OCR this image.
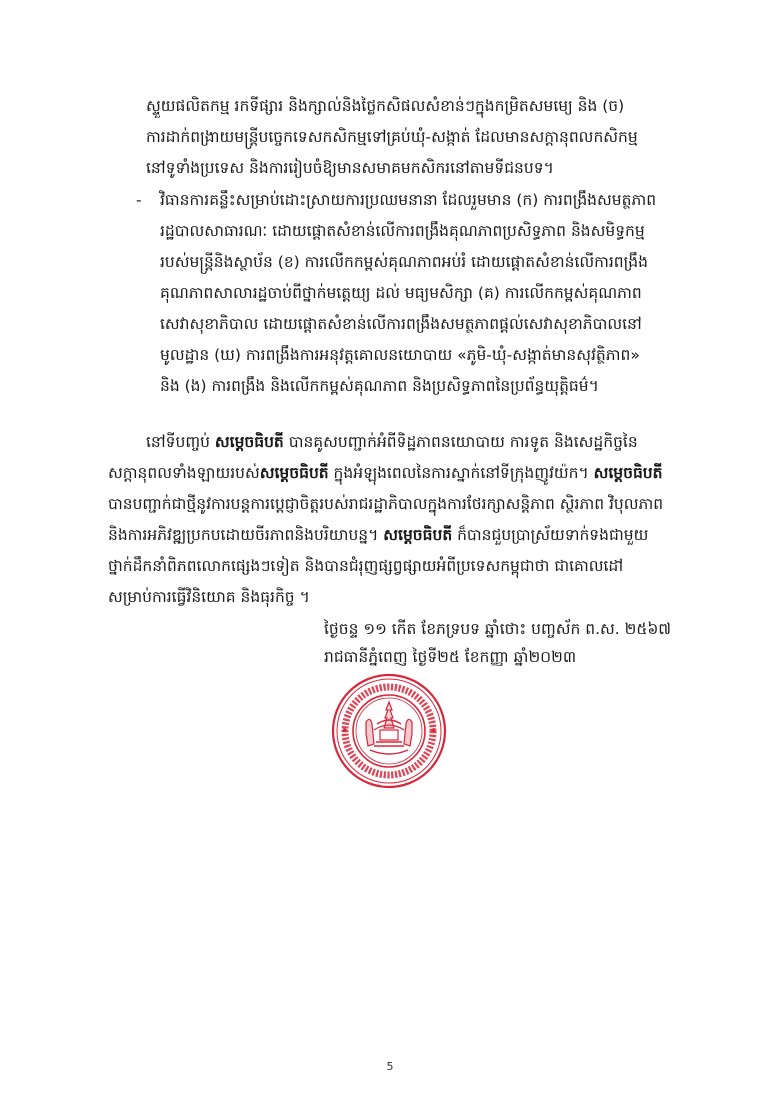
ស្ទួយផលិតកម្ម រកទីផ្សារ និងក្សាល់និងថ្លៃកសិផលសំខាន់ៗក្នុងកម្រិតសមម្យេ និង (ច)
ការដាក់ពង្រាយមន្ត្រីបច្ចេកទេសកសិកម្មទៅគ្រប់ឃុំ-សង្កាត់ ដែលមានសក្ដានុពលកសិកម្ម
នៅទូទាំងប្រទេស និងការរៀបចំឱ្យមានសមាគមកសិករនៅតាមទីជនបទ។
- វិធានការគន្លឹះសម្រាប់ដោះស្រាយការប្រឈមនានា ដែលរួមមាន (ក) ការពង្រឹងសមត្ថភាព
រដ្ឋបាលសាធារណៈ ដោយផ្តោតសំខាន់លើការពង្រឹងគុណភាពប្រសិទ្ធភាព និងសមិទ្ធកម្ម
របស់មន្ត្រីនិងស្ថាប័ន (ខ) ការលើកកម្ពស់គុណភាពអប់រំ ដោយផ្តោតសំខាន់លើការពង្រឹង
គុណភាពសាលារដ្ឋចាប់ពីថ្នាក់មត្តេយ្យ ដល់ មធ្យមសិក្សា (គ) ការលើកកម្ពស់គុណភាព
សេវាសុខាភិបាល ដោយផ្តោតសំខាន់លើការពង្រឹងសមត្ថភាពផ្តល់សេវាសុខាភិបាលនៅ
មូលដ្ឋាន (ឃ) ការពង្រឹងការអនុវត្តគោលនយោបាយ «ភូមិ-ឃុំ-សង្កាត់មានសុវត្ថិភាព»
និង (ង) ការពង្រឹង និងលើកកម្ពស់គុណភាព និងប្រសិទ្ធភាពនៃប្រព័ន្ធយុត្តិធម៌។
នៅទីបញ្ចប់ សម្តេចធិបតី បានគូសបញ្ជាក់អំពីទិដ្ឋភាពនយោបាយ ការទូត និងសេដ្ឋកិច្ចនៃ
សក្តានុពលទាំងឡាយរបស់សម្តេចធិបតី ក្នុងអំឡុងពេលនៃការស្នាក់នៅទីក្រុងញូវយ៉ក។ សម្តេចធិបតី
បានបញ្ជាក់ជាថ្មីនូវការបន្តការប្តេជ្ញាចិត្តរបស់រាជរដ្ឋាភិបាលក្នុងការថែរក្សាសន្តិភាព ស្ថិរភាព វិបុលភាព
និងការអភិវឌ្ឍប្រកបដោយចីរភាពនិងបរិយាបន្ន។ សម្តេចធិបតី ក៏បានជួបប្រាស្រ័យទាក់ទងជាមួយ
ថ្នាក់ដឹកនាំពិភពលោកផ្សេងៗទៀត និងបានជំរុញផ្សព្វផ្សាយអំពីប្រទេសកម្ពុជាថា ជាគោលដៅ
សម្រាប់ការធ្វើវិនិយោគ និងធុរកិច្ច ។
ថ្ងៃចន្ទ ១១ កើត ខែភទ្របទ ឆ្នាំថោះ បញ្ចស័ក ព.ស. ២៥៦៧
រាជធានីភ្នំពេញ ថ្ងៃទី២៥ ខែកញ្ញា ឆ្នាំ២០២៣
5
